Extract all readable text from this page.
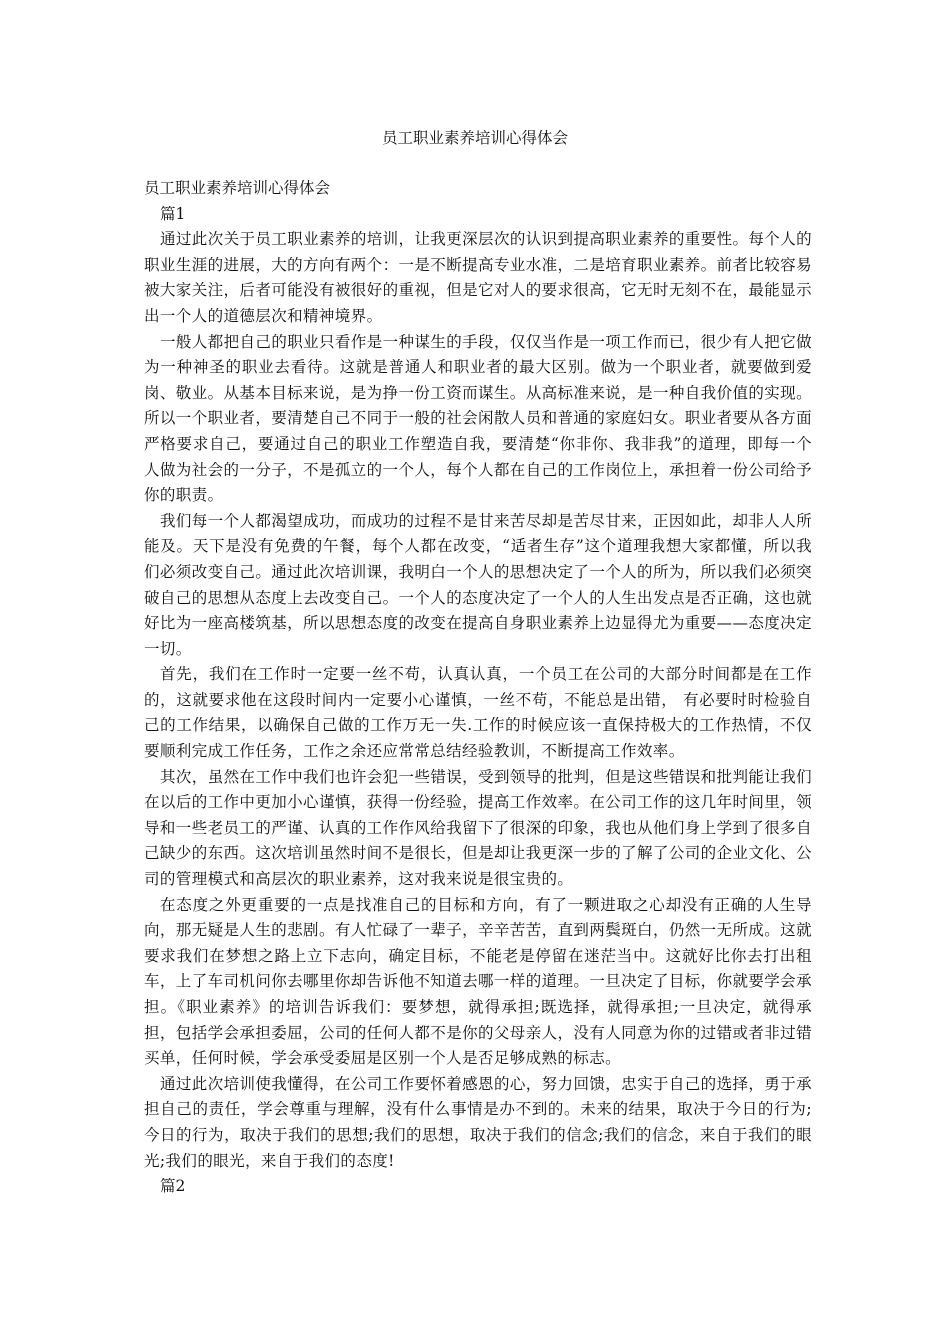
员工职业素养培训心得体会

员工职业素养培训心得体会

篇1

通过此次关于员工职业素养的培训，让我更深层次的认识到提高职业素养的重要性。每个人的职业生涯的进展，大的方向有两个：一是不断提高专业水准，二是培育职业素养。前者比较容易被大家关注，后者可能没有被很好的重视，但是它对人的要求很高，它无时无刻不在，最能显示出一个人的道德层次和精神境界。

一般人都把自己的职业只看作是一种谋生的手段，仅仅当作是一项工作而已，很少有人把它做为一种神圣的职业去看待。这就是普通人和职业者的最大区别。做为一个职业者，就要做到爱岗、敬业。从基本目标来说，是为挣一份工资而谋生。从高标准来说，是一种自我价值的实现。所以一个职业者，要清楚自己不同于一般的社会闲散人员和普通的家庭妇女。职业者要从各方面严格要求自己，要通过自己的职业工作塑造自我，要清楚“你非你、我非我”的道理，即每一个人做为社会的一分子，不是孤立的一个人，每个人都在自己的工作岗位上，承担着一份公司给予你的职责。

我们每一个人都渴望成功，而成功的过程不是甘来苦尽却是苦尽甘来，正因如此，却非人人所能及。天下是没有免费的午餐，每个人都在改变，“适者生存”这个道理我想大家都懂，所以我们必须改变自己。通过此次培训课，我明白一个人的思想决定了一个人的所为，所以我们必须突破自己的思想从态度上去改变自己。一个人的态度决定了一个人的人生出发点是否正确，这也就好比为一座高楼筑基，所以思想态度的改变在提高自身职业素养上边显得尤为重要——态度决定一切。

首先，我们在工作时一定要一丝不苟，认真认真，一个员工在公司的大部分时间都是在工作的，这就要求他在这段时间内一定要小心谨慎，一丝不苟，不能总是出错， 有必要时时检验自己的工作结果，以确保自己做的工作万无一失.工作的时候应该一直保持极大的工作热情，不仅要顺利完成工作任务，工作之余还应常常总结经验教训，不断提高工作效率。

其次，虽然在工作中我们也许会犯一些错误，受到领导的批判，但是这些错误和批判能让我们在以后的工作中更加小心谨慎，获得一份经验，提高工作效率。在公司工作的这几年时间里，领导和一些老员工的严谨、认真的工作作风给我留下了很深的印象，我也从他们身上学到了很多自己缺少的东西。这次培训虽然时间不是很长，但是却让我更深一步的了解了公司的企业文化、公司的管理模式和高层次的职业素养，这对我来说是很宝贵的。

在态度之外更重要的一点是找准自己的目标和方向，有了一颗进取之心却没有正确的人生导向，那无疑是人生的悲剧。有人忙碌了一辈子，辛辛苦苦，直到两鬓斑白，仍然一无所成。这就要求我们在梦想之路上立下志向，确定目标，不能老是停留在迷茫当中。这就好比你去打出租车，上了车司机问你去哪里你却告诉他不知道去哪一样的道理。一旦决定了目标，你就要学会承担。《职业素养》的培训告诉我们：要梦想，就得承担;既选择，就得承担;一旦决定，就得承担，包括学会承担委屈，公司的任何人都不是你的父母亲人，没有人同意为你的过错或者非过错买单，任何时候，学会承受委屈是区别一个人是否足够成熟的标志。

通过此次培训使我懂得，在公司工作要怀着感恩的心，努力回馈，忠实于自己的选择，勇于承担自己的责任，学会尊重与理解，没有什么事情是办不到的。未来的结果，取决于今日的行为;今日的行为，取决于我们的思想;我们的思想，取决于我们的信念;我们的信念，来自于我们的眼光;我们的眼光，来自于我们的态度!

篇2
